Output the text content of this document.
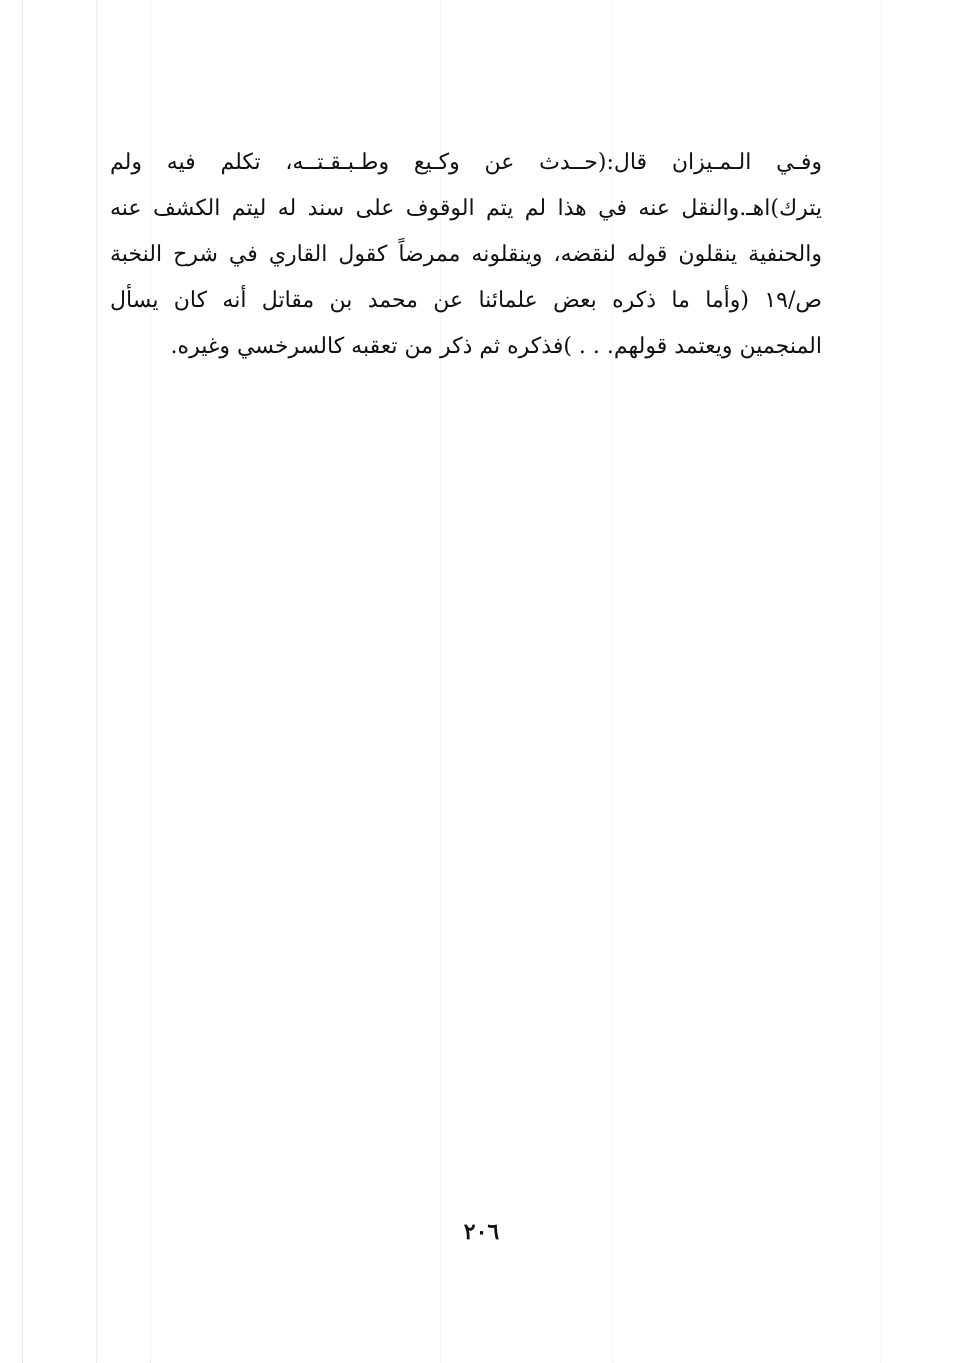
وفـي الـمـيزان قال:(حــدث عن وكـيع وطـبـقـتــه، تكلم فيه ولم
يترك)اهـ.والنقل عنه في هذا لم يتم الوقوف على سند له ليتم الكشف عنه
والحنفية ينقلون قوله لنقضه، وينقلونه ممرضاً كقول القاري في شرح النخبة
ص/١٩ (وأما ما ذكره بعض علمائنا عن محمد بن مقاتل أنه كان يسأل
المنجمين ويعتمد قولهم. . . )فذكره ثم ذكر من تعقبه كالسرخسي وغيره.
٢٠٦
